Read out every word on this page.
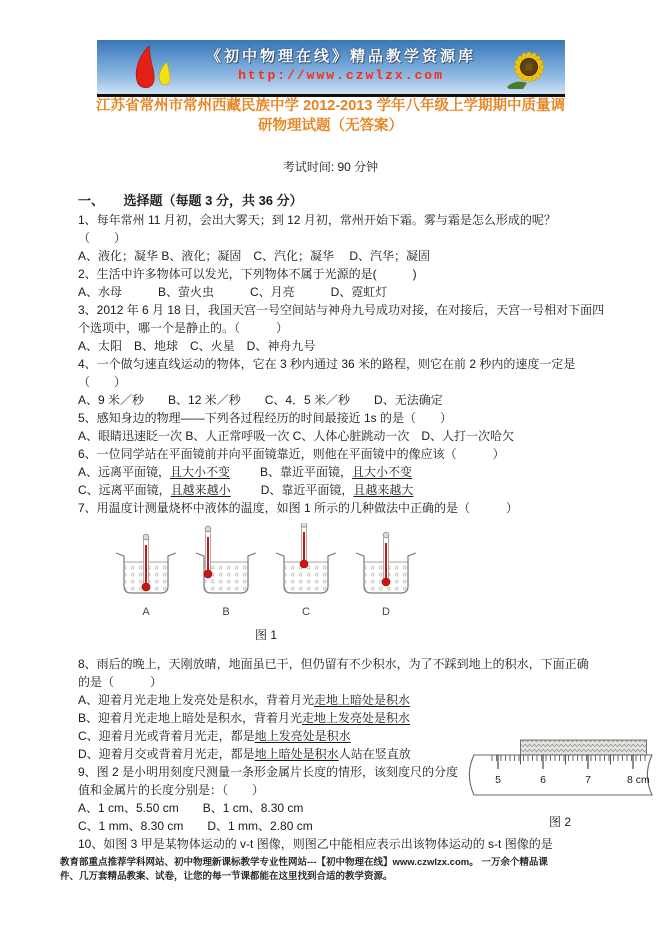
《初中物理在线》精品教学资源库
http://www.czwlzx.com
江苏省常州市常州西藏民族中学 2012-2013 学年八年级上学期期中质量调
研物理试题（无答案）
考试时间: 90 分钟
一、　　选择题（每题 3 分，共 36 分）
1、每年常州 11 月初，会出大雾天；到 12 月初，常州开始下霜。雾与霜是怎么形成的呢？
（　　）
A、液化；凝华 B、液化；凝固　C、汽化；凝华　 D、汽华；凝固
2、生活中许多物体可以发光，下列物体不属于光源的是(　　　)
A、水母　　　B、萤火虫　　　C、月亮　　　D、霓虹灯
3、2012 年 6 月 18 日，我国天宫一号空间站与神舟九号成功对接，在对接后，天宫一号相对下面四
个选项中，哪一个是静止的。（　　　）
A、太阳　B、地球　C、火星　D、神舟九号
4、一个做匀速直线运动的物体，它在 3 秒内通过 36 米的路程，则它在前 2 秒内的速度一定是
（　　）
A、9 米／秒　　B、12 米／秒　　C、4．5 米／秒　　D、无法确定
5、感知身边的物理——下列各过程经历的时间最接近 1s 的是（　　）
A、眼睛迅速眨一次 B、人正常呼吸一次 C、人体心脏跳动一次　D、人打一次哈欠
6、一位同学站在平面镜前并向平面镜靠近，则他在平面镜中的像应该（　　　）
A、远离平面镜，且大小不变	B、靠近平面镜，且大小不变
C、远离平面镜，且越来越小	D、靠近平面镜，且越来越大
7、用温度计测量烧杯中液体的温度，如图 1 所示的几种做法中正确的是（　　　）
A	B	C	D
图 1
8、雨后的晚上，天刚放晴，地面虽已干，但仍留有不少积水，为了不踩到地上的积水，下面正确
的是（　　　）
A、迎着月光走地上发亮处是积水，背着月光走地上暗处是积水
B、迎着月光走地上暗处是积水，背着月光走地上发亮处是积水
C、迎着月光或背着月光走，都是地上发亮处是积水
D、迎着月交或背着月光走，都是地上暗处是积水人站在竖直放
9、图 2 是小明用刻度尺测量一条形金属片长度的情形，该刻度尺的分度
值和金属片的长度分别是：（　　）
A、1 cm、5.50 cm　　B、1 cm、8.30 cm
C、1 mm、8.30 cm　　D、1 mm、2.80 cm
10、如图 3 甲是某物体运动的 v-t 图像，则图乙中能相应表示出该物体运动的 s-t 图像的是
5	6	7	8 cm
图 2
教育部重点推荐学科网站、初中物理新课标教学专业性网站---【初中物理在线】www.czwlzx.com。 一万余个精品课
件、几万套精品教案、试卷，让您的每一节课都能在这里找到合适的教学资源。
